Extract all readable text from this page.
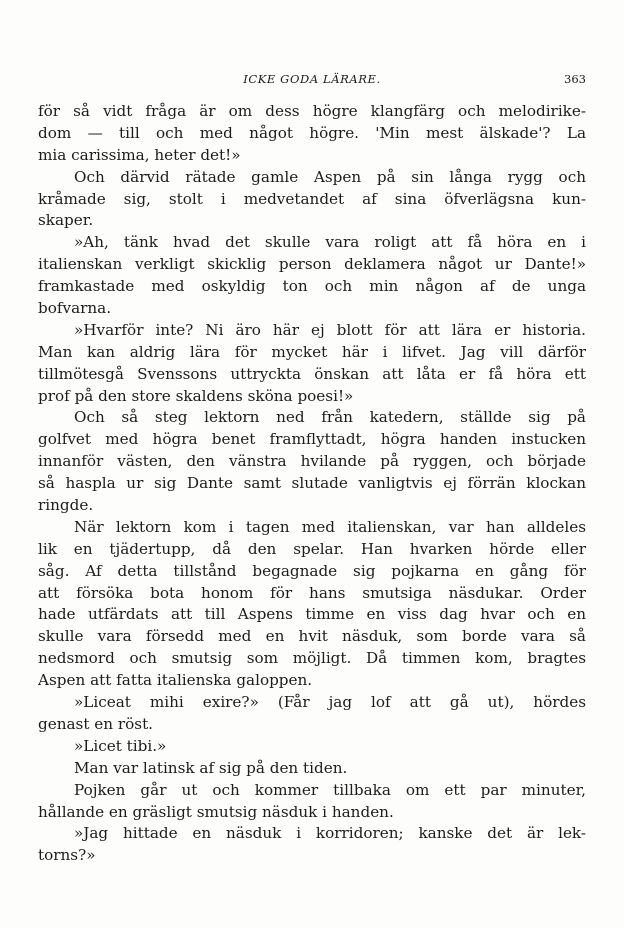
ICKE GODA LÄRARE.	363
för så vidt fråga är om dess högre klangfärg och melodirike-
dom — till och med något högre. 'Min mest älskade'? La
mia carissima, heter det!»
Och därvid rätade gamle Aspen på sin långa rygg och
kråmade sig, stolt i medvetandet af sina öfverlägsna kun-
skaper.
»Ah, tänk hvad det skulle vara roligt att få höra en i
italienskan verkligt skicklig person deklamera något ur Dante!»
framkastade med oskyldig ton och min någon af de unga
bofvarna.
»Hvarför inte? Ni äro här ej blott för att lära er historia.
Man kan aldrig lära för mycket här i lifvet. Jag vill därför
tillmötesgå Svenssons uttryckta önskan att låta er få höra ett
prof på den store skaldens sköna poesi!»
Och så steg lektorn ned från katedern, ställde sig på
golfvet med högra benet framflyttadt, högra handen instucken
innanför västen, den vänstra hvilande på ryggen, och började
så haspla ur sig Dante samt slutade vanligtvis ej förrän klockan
ringde.
När lektorn kom i tagen med italienskan, var han alldeles
lik en tjädertupp, då den spelar. Han hvarken hörde eller
såg. Af detta tillstånd begagnade sig pojkarna en gång för
att försöka bota honom för hans smutsiga näsdukar. Order
hade utfärdats att till Aspens timme en viss dag hvar och en
skulle vara försedd med en hvit näsduk, som borde vara så
nedsmord och smutsig som möjligt. Då timmen kom, bragtes
Aspen att fatta italienska galoppen.
»Liceat mihi exire?» (Får jag lof att gå ut), hördes
genast en röst.
»Licet tibi.»
Man var latinsk af sig på den tiden.
Pojken går ut och kommer tillbaka om ett par minuter,
hållande en gräsligt smutsig näsduk i handen.
»Jag hittade en näsduk i korridoren; kanske det är lek-
torns?»
